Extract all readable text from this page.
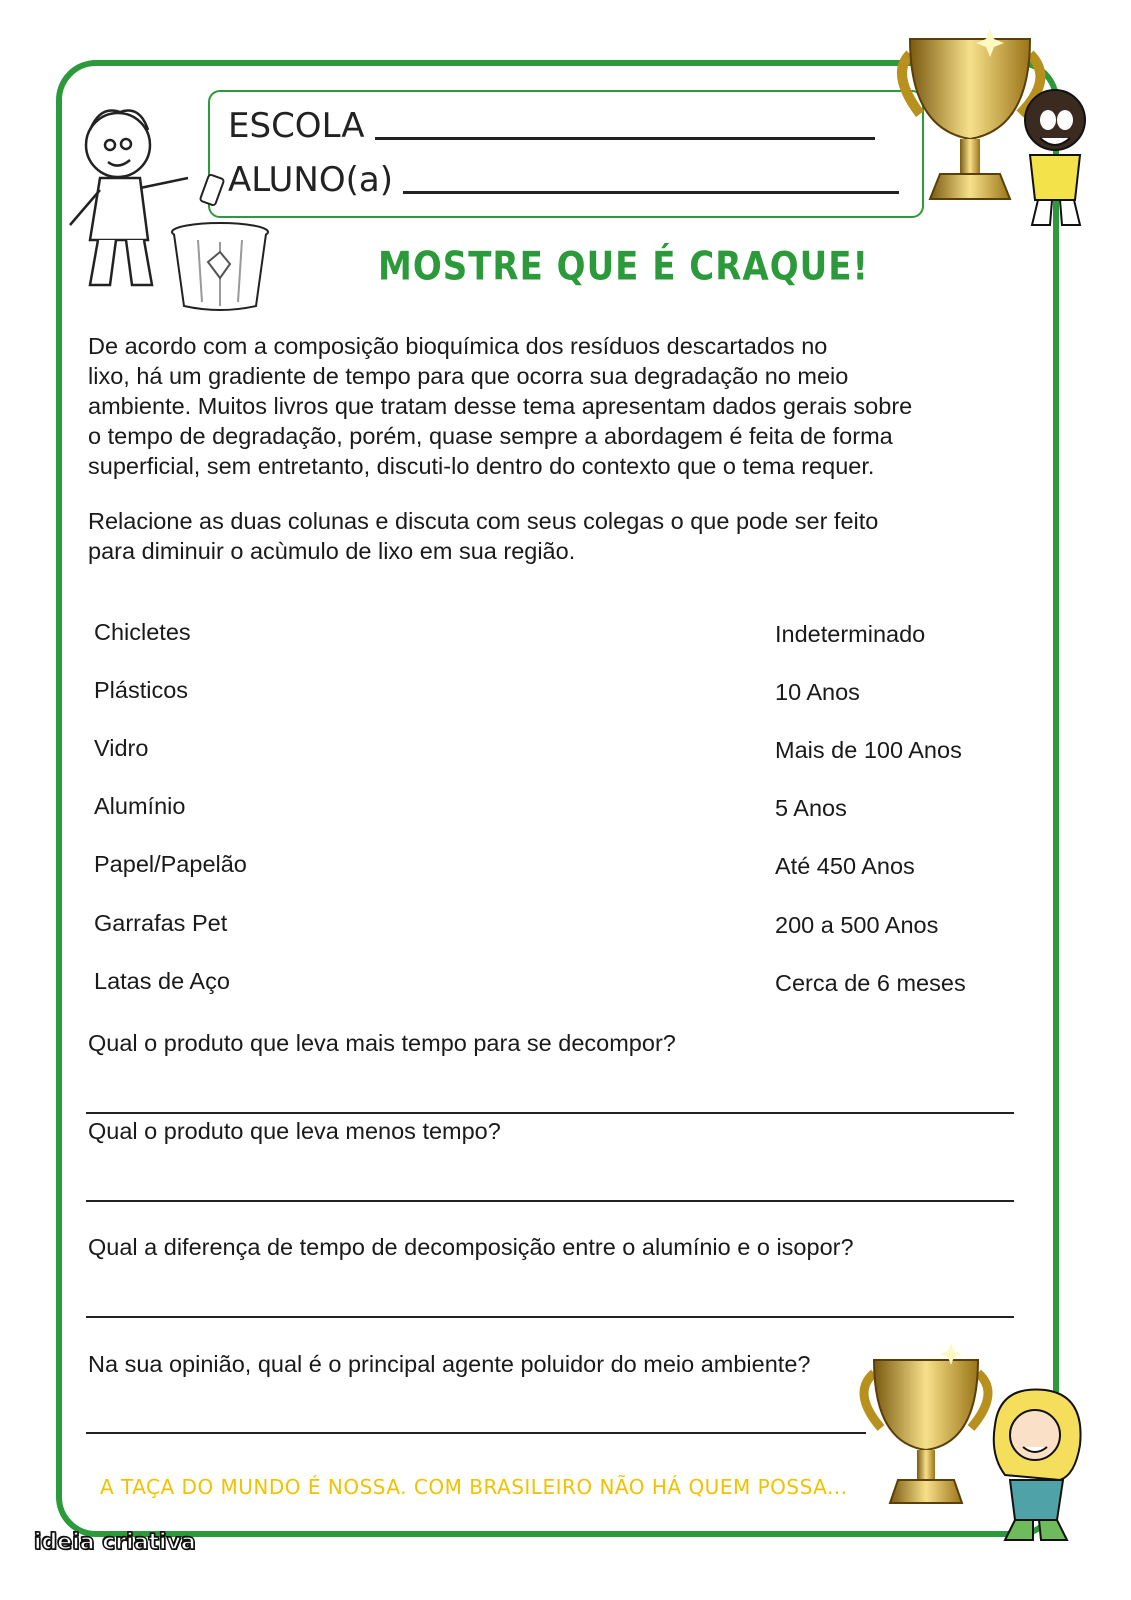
ESCOLA
ALUNO(a)
MOSTRE QUE É CRAQUE!
De acordo com a composição bioquímica dos resíduos descartados no
lixo, há um gradiente de tempo para que ocorra sua degradação no meio
ambiente. Muitos livros que tratam desse tema apresentam dados gerais sobre
o tempo de degradação, porém, quase sempre a abordagem é feita de forma
superficial, sem entretanto, discuti-lo dentro do contexto que o tema requer.
Relacione as duas colunas e discuta com seus colegas o que pode ser feito
para diminuir o acùmulo de lixo em sua região.
Chicletes
Plásticos
Vidro
Alumínio
Papel/Papelão
Garrafas Pet
Latas de Aço
Indeterminado
10 Anos
Mais de 100 Anos
5 Anos
Até 450 Anos
200 a 500 Anos
Cerca de 6 meses
Qual o produto que leva mais tempo para se decompor?
Qual o produto que leva menos tempo?
Qual a diferença de tempo de decomposição entre o alumínio e o isopor?
Na sua opinião, qual é o principal agente poluidor do meio ambiente?
A TAÇA DO MUNDO É NOSSA. COM BRASILEIRO NÃO HÁ QUEM POSSA...
ideia criativa
